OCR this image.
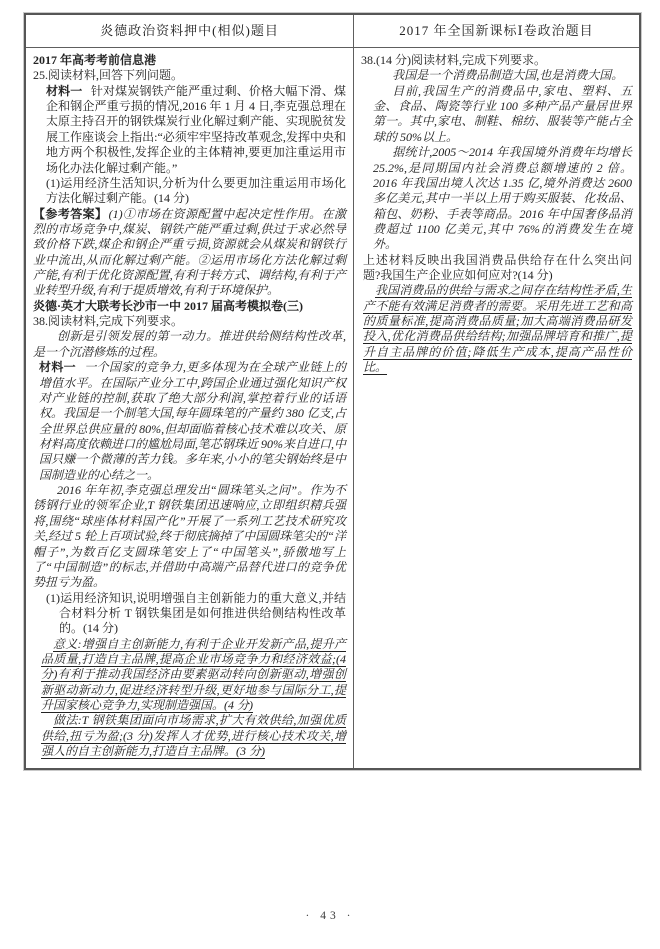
炎德政治资料押中(相似)题目	2017 年全国新课标Ⅰ卷政治题目

2017 年高考考前信息港

25.阅读材料,回答下列问题。

材料一 针对煤炭钢铁产能严重过剩、价格大幅下滑、煤企和钢企严重亏损的情况,2016 年 1 月 4 日,李克强总理在太原主持召开的钢铁煤炭行业化解过剩产能、实现脱贫发展工作座谈会上指出:“必须牢牢坚持改革观念,发挥中央和地方两个积极性,发挥企业的主体精神,要更加注重运用市场化办法化解过剩产能。”

(1)运用经济生活知识,分析为什么要更加注重运用市场化方法化解过剩产能。(14 分)

【参考答案】(1)①市场在资源配置中起决定性作用。在激烈的市场竞争中,煤炭、钢铁产能严重过剩,供过于求必然导致价格下跌,煤企和钢企严重亏损,资源就会从煤炭和钢铁行业中流出,从而化解过剩产能。②运用市场化方法化解过剩产能,有利于优化资源配置,有利于转方式、调结构,有利于产业转型升级,有利于提质增效,有利于环境保护。

炎德·英才大联考长沙市一中 2017 届高考模拟卷(三)

38.阅读材料,完成下列要求。

创新是引领发展的第一动力。推进供给侧结构性改革,是一个沉潜修炼的过程。

材料一 一个国家的竞争力,更多体现为在全球产业链上的增值水平。在国际产业分工中,跨国企业通过强化知识产权对产业链的控制,获取了绝大部分利润,掌控着行业的话语权。我国是一个制笔大国,每年圆珠笔的产量约 380 亿支,占全世界总供应量的 80%,但却面临着核心技术难以攻关、原材料高度依赖进口的尴尬局面,笔芯钢珠近 90%来自进口,中国只赚一个微薄的苦力钱。多年来,小小的笔尖钢始终是中国制造业的心结之一。

2016 年年初,李克强总理发出“圆珠笔头之问”。作为不锈钢行业的领军企业,T 钢铁集团迅速响应,立即组织精兵强将,围绕“球座体材料国产化”开展了一系列工艺技术研究攻关,经过 5 轮上百项试验,终于彻底摘掉了中国圆珠笔尖的“洋帽子”,为数百亿支圆珠笔安上了“中国笔头”,骄傲地写上了“中国制造”的标志,并借助中高端产品替代进口的竞争优势扭亏为盈。

(1)运用经济知识,说明增强自主创新能力的重大意义,并结合材料分析 T 钢铁集团是如何推进供给侧结构性改革的。(14 分)

意义:增强自主创新能力,有利于企业开发新产品,提升产品质量,打造自主品牌,提高企业市场竞争力和经济效益;(4 分)有利于推动我国经济由要素驱动转向创新驱动,增强创新驱动新动力,促进经济转型升级,更好地参与国际分工,提升国家核心竞争力,实现制造强国。(4 分)

做法:T 钢铁集团面向市场需求,扩大有效供给,加强优质供给,扭亏为盈;(3 分)发挥人才优势,进行核心技术攻关,增强人的自主创新能力,打造自主品牌。(3 分)

38.(14 分)阅读材料,完成下列要求。

我国是一个消费品制造大国,也是消费大国。

目前,我国生产的消费品中,家电、塑料、五金、食品、陶瓷等行业 100 多种产品产量居世界第一。其中,家电、制鞋、棉纺、服装等产能占全球的 50%以上。

据统计,2005～2014 年我国境外消费年均增长 25.2%,是同期国内社会消费总额增速的 2 倍。2016 年我国出境人次达 1.35 亿,境外消费达 2600 多亿美元,其中一半以上用于购买服装、化妆品、箱包、奶粉、手表等商品。2016 年中国奢侈品消费超过 1100 亿美元,其中 76%的消费发生在境外。

上述材料反映出我国消费品供给存在什么突出问题?我国生产企业应如何应对?(14 分)

我国消费品的供给与需求之间存在结构性矛盾,生产不能有效满足消费者的需要。采用先进工艺和高的质量标准,提高消费品质量;加大高端消费品研发投入,优化消费品供给结构;加强品牌培育和推广,提升自主品牌的价值;降低生产成本,提高产品性价比。

· 43 ·
